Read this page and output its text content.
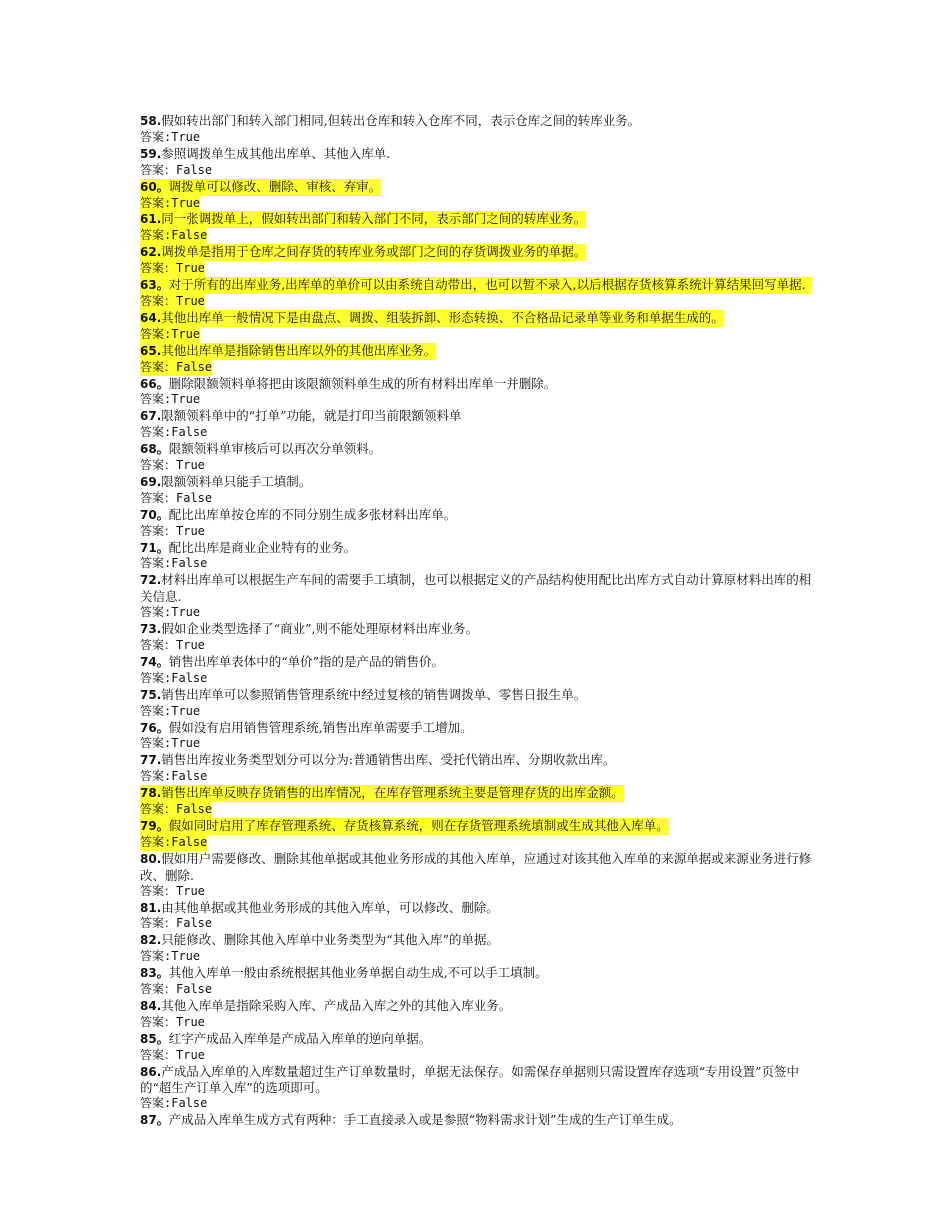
58.假如转出部门和转入部门相同,但转出仓库和转入仓库不同，表示仓库之间的转库业务。
答案:True
59.参照调拨单生成其他出库单、其他入库单.
答案：False
60。调拨单可以修改、删除、审核、弃审。
答案:True
61.同一张调拨单上，假如转出部门和转入部门不同，表示部门之间的转库业务。
答案:False
62.调拨单是指用于仓库之间存货的转库业务或部门之间的存货调拨业务的单据。
答案：True
63。对于所有的出库业务,出库单的单价可以由系统自动带出，也可以暂不录入,以后根据存货核算系统计算结果回写单据.
答案：True
64.其他出库单一般情况下是由盘点、调拨、组装拆卸、形态转换、不合格品记录单等业务和单据生成的。
答案:True
65.其他出库单是指除销售出库以外的其他出库业务。
答案：False
66。删除限额领料单将把由该限额领料单生成的所有材料出库单一并删除。
答案:True
67.限额领料单中的“打单”功能，就是打印当前限额领料单
答案:False
68。限额领料单审核后可以再次分单领料。
答案：True
69.限额领料单只能手工填制。
答案：False
70。配比出库单按仓库的不同分别生成多张材料出库单。
答案：True
71。配比出库是商业企业特有的业务。
答案:False
72.材料出库单可以根据生产车间的需要手工填制，也可以根据定义的产品结构使用配比出库方式自动计算原材料出库的相关信息.
答案:True
73.假如企业类型选择了“商业”,则不能处理原材料出库业务。
答案：True
74。销售出库单表体中的“单价”指的是产品的销售价。
答案:False
75.销售出库单可以参照销售管理系统中经过复核的销售调拨单、零售日报生单。
答案:True
76。假如没有启用销售管理系统,销售出库单需要手工增加。
答案:True
77.销售出库按业务类型划分可以分为:普通销售出库、受托代销出库、分期收款出库。
答案:False
78.销售出库单反映存货销售的出库情况，在库存管理系统主要是管理存货的出库金额。
答案：False
79。假如同时启用了库存管理系统、存货核算系统，则在存货管理系统填制或生成其他入库单。
答案:False
80.假如用户需要修改、删除其他单据或其他业务形成的其他入库单，应通过对该其他入库单的来源单据或来源业务进行修改、删除.
答案：True
81.由其他单据或其他业务形成的其他入库单，可以修改、删除。
答案：False
82.只能修改、删除其他入库单中业务类型为“其他入库”的单据。
答案:True
83。其他入库单一般由系统根据其他业务单据自动生成,不可以手工填制。
答案：False
84.其他入库单是指除采购入库、产成品入库之外的其他入库业务。
答案：True
85。红字产成品入库单是产成品入库单的逆向单据。
答案：True
86.产成品入库单的入库数量超过生产订单数量时，单据无法保存。如需保存单据则只需设置库存选项“专用设置”页签中的“超生产订单入库”的选项即可。
答案:False
87。产成品入库单生成方式有两种：手工直接录入或是参照“物料需求计划”生成的生产订单生成。
